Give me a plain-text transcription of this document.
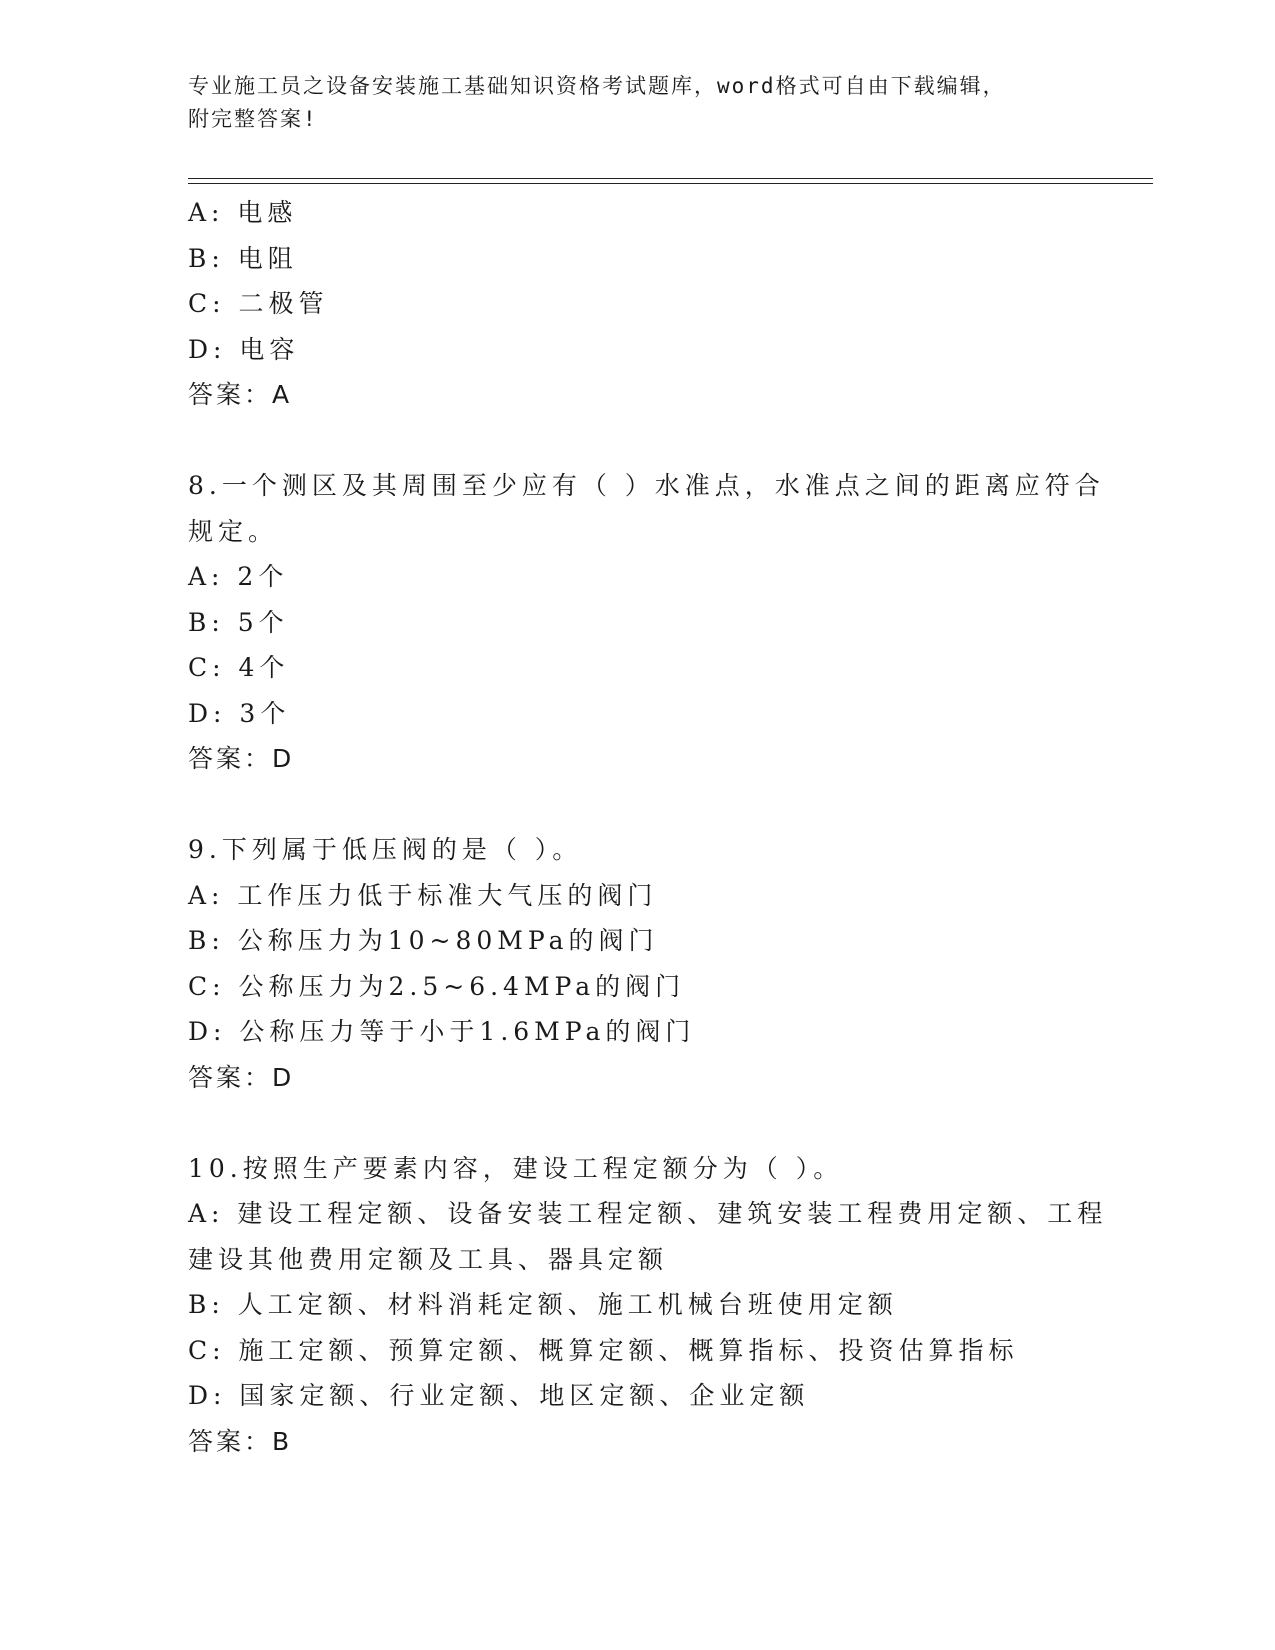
专业施工员之设备安装施工基础知识资格考试题库，word格式可自由下载编辑，
附完整答案!
A: 电感
B: 电阻
C: 二极管
D: 电容
答案：A
8.一个测区及其周围至少应有（ ）水准点，水准点之间的距离应符合
规定。
A: 2个
B: 5个
C: 4个
D: 3个
答案：D
9.下列属于低压阀的是（ ）。
A: 工作压力低于标准大气压的阀门
B: 公称压力为10~80MPa的阀门
C: 公称压力为2.5~6.4MPa的阀门
D: 公称压力等于小于1.6MPa的阀门
答案：D
10.按照生产要素内容，建设工程定额分为（ ）。
A: 建设工程定额、设备安装工程定额、建筑安装工程费用定额、工程
建设其他费用定额及工具、器具定额
B: 人工定额、材料消耗定额、施工机械台班使用定额
C: 施工定额、预算定额、概算定额、概算指标、投资估算指标
D: 国家定额、行业定额、地区定额、企业定额
答案：B
